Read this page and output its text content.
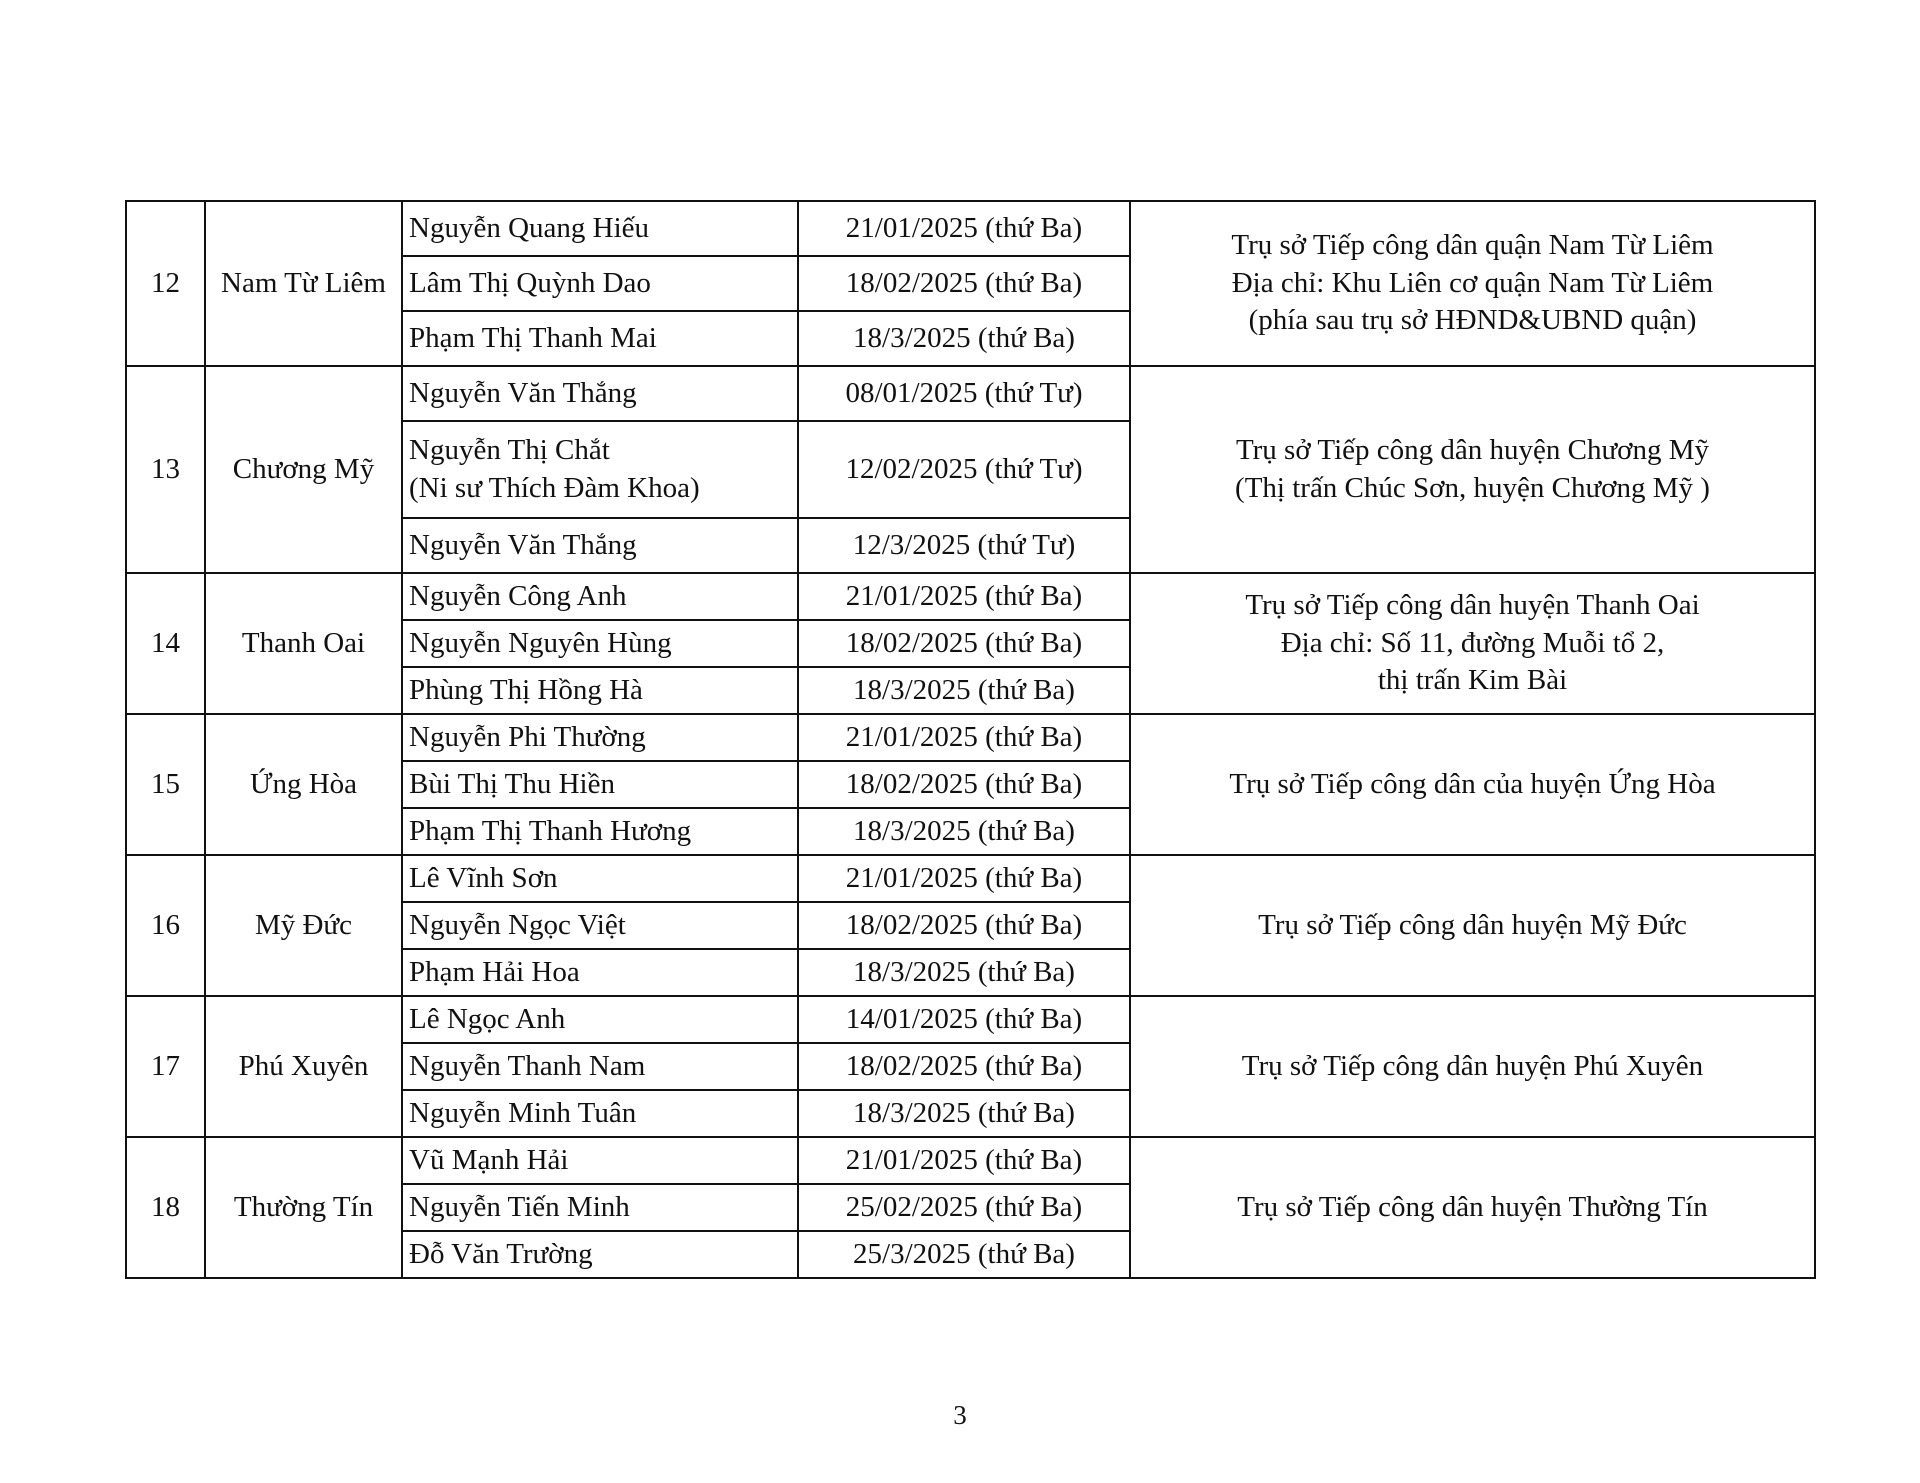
12	Nam Từ Liêm	Nguyễn Quang Hiếu	21/01/2025 (thứ Ba)	Trụ sở Tiếp công dân quận Nam Từ Liêm
Địa chỉ: Khu Liên cơ quận Nam Từ Liêm
(phía sau trụ sở HĐND&UBND quận)

		Lâm Thị Quỳnh Dao	18/02/2025 (thứ Ba)	

		Phạm Thị Thanh Mai	18/3/2025 (thứ Ba)	
13	Chương Mỹ	Nguyễn Văn Thắng	08/01/2025 (thứ Tư)	Trụ sở Tiếp công dân huyện Chương Mỹ
(Thị trấn Chúc Sơn, huyện Chương Mỹ )

		Nguyễn Thị Chắt
(Ni sư Thích Đàm Khoa)	12/02/2025 (thứ Tư)	

		Nguyễn Văn Thắng	12/3/2025 (thứ Tư)	
14	Thanh Oai	Nguyễn Công Anh	21/01/2025 (thứ Ba)	Trụ sở Tiếp công dân huyện Thanh Oai
Địa chỉ: Số 11, đường Muỗi tổ 2,
thị trấn Kim Bài

		Nguyễn Nguyên Hùng	18/02/2025 (thứ Ba)	

		Phùng Thị Hồng Hà	18/3/2025 (thứ Ba)	
15	Ứng Hòa	Nguyễn Phi Thường	21/01/2025 (thứ Ba)	Trụ sở Tiếp công dân của huyện Ứng Hòa

		Bùi Thị Thu Hiền	18/02/2025 (thứ Ba)	

		Phạm Thị Thanh Hương	18/3/2025 (thứ Ba)	
16	Mỹ Đức	Lê Vĩnh Sơn	21/01/2025 (thứ Ba)	Trụ sở Tiếp công dân huyện Mỹ Đức

		Nguyễn Ngọc Việt	18/02/2025 (thứ Ba)	

		Phạm Hải Hoa	18/3/2025 (thứ Ba)	
17	Phú Xuyên	Lê Ngọc Anh	14/01/2025 (thứ Ba)	Trụ sở Tiếp công dân huyện Phú Xuyên

		Nguyễn Thanh Nam	18/02/2025 (thứ Ba)	

		Nguyễn Minh Tuân	18/3/2025 (thứ Ba)	
18	Thường Tín	Vũ Mạnh Hải	21/01/2025 (thứ Ba)	Trụ sở Tiếp công dân huyện Thường Tín

		Nguyễn Tiến Minh	25/02/2025 (thứ Ba)	

		Đỗ Văn Trường	25/3/2025 (thứ Ba)	
3
